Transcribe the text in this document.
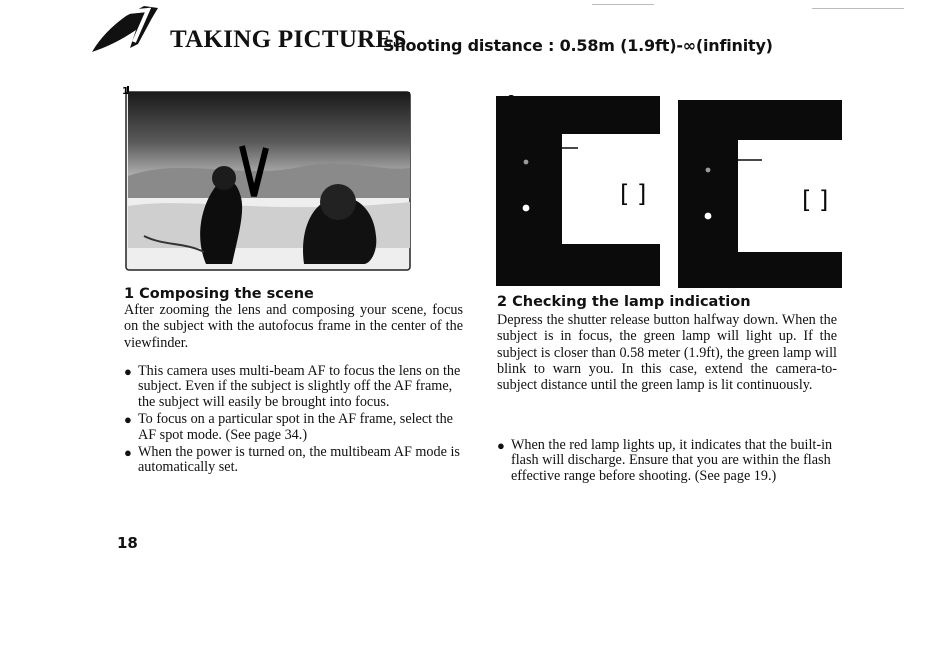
TAKING PICTURES
Shooting distance : 0.58m (1.9ft)-∞(infinity)
1
[ ]	[ ]
1 Composing the scene
After zooming the lens and composing your scene, focus on the subject with the autofocus frame in the center of the viewfinder.
● This camera uses multi-beam AF to focus the lens on the subject. Even if the subject is slightly off the AF frame, the subject will easily be brought into focus.
● To focus on a particular spot in the AF frame, select the AF spot mode. (See page 34.)
● When the power is turned on, the multibeam AF mode is automatically set.
2 Checking the lamp indication
Depress the shutter release button halfway down. When the subject is in focus, the green lamp will light up. If the subject is closer than 0.58 meter (1.9ft), the green lamp will blink to warn you. In this case, extend the camera-to-subject distance until the green lamp is lit continuously.
● When the red lamp lights up, it indicates that the built-in flash will discharge. Ensure that you are within the flash effective range before shooting. (See page 19.)
18
